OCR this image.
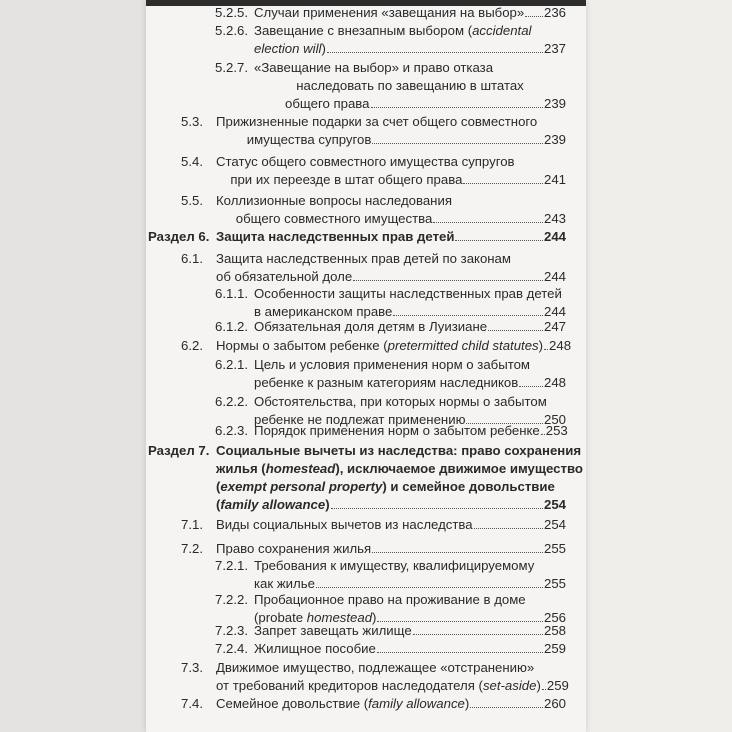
5.2.5. Случаи применения «завещания на выбор» 236
5.2.6. Завещание с внезапным выбором (accidental
election will)	237
5.2.7. «Завещание на выбор» и право отказа
наследовать по завещанию в штатах
общего права	239
5.3. Прижизненные подарки за счет общего совместного
имущества супругов	239
5.4. Статус общего совместного имущества супругов
при их переезде в штат общего права	241
5.5. Коллизионные вопросы наследования
общего совместного имущества	243
Раздел 6. Защита наследственных прав детей	244
6.1. Защита наследственных прав детей по законам
об обязательной доле	244
6.1.1. Особенности защиты наследственных прав детей
в американском праве	244
6.1.2. Обязательная доля детям в Луизиане	247
6.2. Нормы о забытом ребенке (pretermitted child statutes) 248
6.2.1. Цель и условия применения норм о забытом
ребенке к разным категориям наследников 248
6.2.2. Обстоятельства, при которых нормы о забытом
ребенке не подлежат применению	250
6.2.3. Порядок применения норм о забытом ребенке 253
Раздел 7. Социальные вычеты из наследства: право сохранения
жилья (homestead), исключаемое движимое имущество
(exempt personal property) и семейное довольствие
(family allowance)	254
7.1. Виды социальных вычетов из наследства	254
7.2. Право сохранения жилья	255
7.2.1. Требования к имуществу, квалифицируемому
как жилье	255
7.2.2. Пробационное право на проживание в доме
(probate homestead)	256
7.2.3. Запрет завещать жилище	258
7.2.4. Жилищное пособие	259
7.3. Движимое имущество, подлежащее «отстранению»
от требований кредиторов наследодателя (set-aside) 259
7.4. Семейное довольствие (family allowance)	260
